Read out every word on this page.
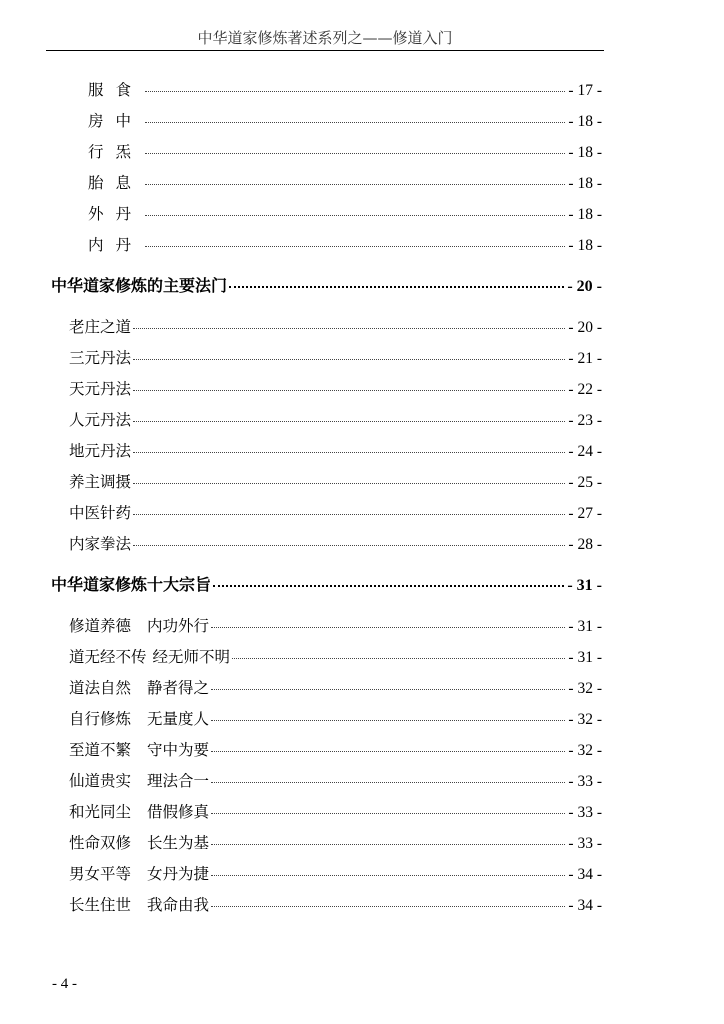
中华道家修炼著述系列之——修道入门
服食	- 17 -
房中	- 18 -
行炁	- 18 -
胎息	- 18 -
外丹	- 18 -
内丹	- 18 -
中华道家修炼的主要法门	- 20 -
老庄之道	- 20 -
三元丹法	- 21 -
天元丹法	- 22 -
人元丹法	- 23 -
地元丹法	- 24 -
养主调摄	- 25 -
中医针药	- 27 -
内家拳法	- 28 -
中华道家修炼十大宗旨	- 31 -
修道养德 内功外行	- 31 -
道无经不传 经无师不明	- 31 -
道法自然 静者得之	- 32 -
自行修炼 无量度人	- 32 -
至道不繁 守中为要	- 32 -
仙道贵实 理法合一	- 33 -
和光同尘 借假修真	- 33 -
性命双修 长生为基	- 33 -
男女平等 女丹为捷	- 34 -
长生住世 我命由我	- 34 -
- 4 -
